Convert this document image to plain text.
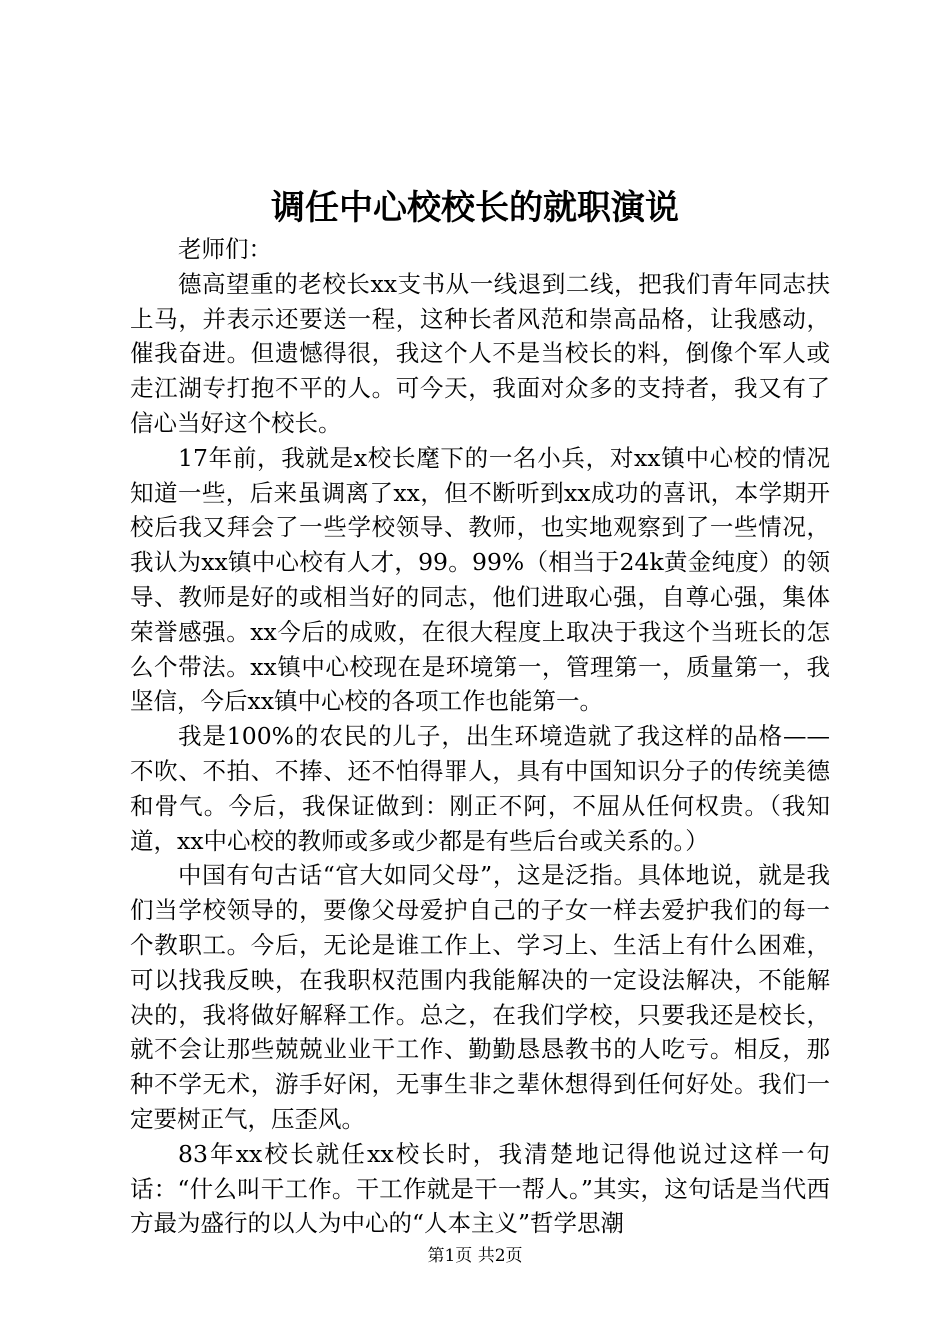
调任中心校校长的就职演说

老师们：

德高望重的老校长xx支书从一线退到二线，把我们青年同志扶上马，并表示还要送一程，这种长者风范和崇高品格，让我感动，催我奋进。但遗憾得很，我这个人不是当校长的料，倒像个军人或走江湖专打抱不平的人。可今天，我面对众多的支持者，我又有了信心当好这个校长。

17年前，我就是x校长麾下的一名小兵，对xx镇中心校的情况知道一些，后来虽调离了xx，但不断听到xx成功的喜讯，本学期开校后我又拜会了一些学校领导、教师，也实地观察到了一些情况，我认为xx镇中心校有人才，99。99%（相当于24k黄金纯度）的领导、教师是好的或相当好的同志，他们进取心强，自尊心强，集体荣誉感强。xx今后的成败，在很大程度上取决于我这个当班长的怎么个带法。xx镇中心校现在是环境第一，管理第一，质量第一，我坚信，今后xx镇中心校的各项工作也能第一。

我是100%的农民的儿子，出生环境造就了我这样的品格——不吹、不拍、不捧、还不怕得罪人，具有中国知识分子的传统美德和骨气。今后，我保证做到：刚正不阿，不屈从任何权贵。（我知道，xx中心校的教师或多或少都是有些后台或关系的。）

中国有句古话“官大如同父母”，这是泛指。具体地说，就是我们当学校领导的，要像父母爱护自己的子女一样去爱护我们的每一个教职工。今后，无论是谁工作上、学习上、生活上有什么困难，可以找我反映，在我职权范围内我能解决的一定设法解决，不能解决的，我将做好解释工作。总之，在我们学校，只要我还是校长，就不会让那些兢兢业业干工作、勤勤恳恳教书的人吃亏。相反，那种不学无术，游手好闲，无事生非之辈休想得到任何好处。我们一定要树正气，压歪风。

83年xx校长就任xx校长时，我清楚地记得他说过这样一句话：“什么叫干工作。干工作就是干一帮人。”其实，这句话是当代西方最为盛行的以人为中心的“人本主义”哲学思潮

第1页 共2页
